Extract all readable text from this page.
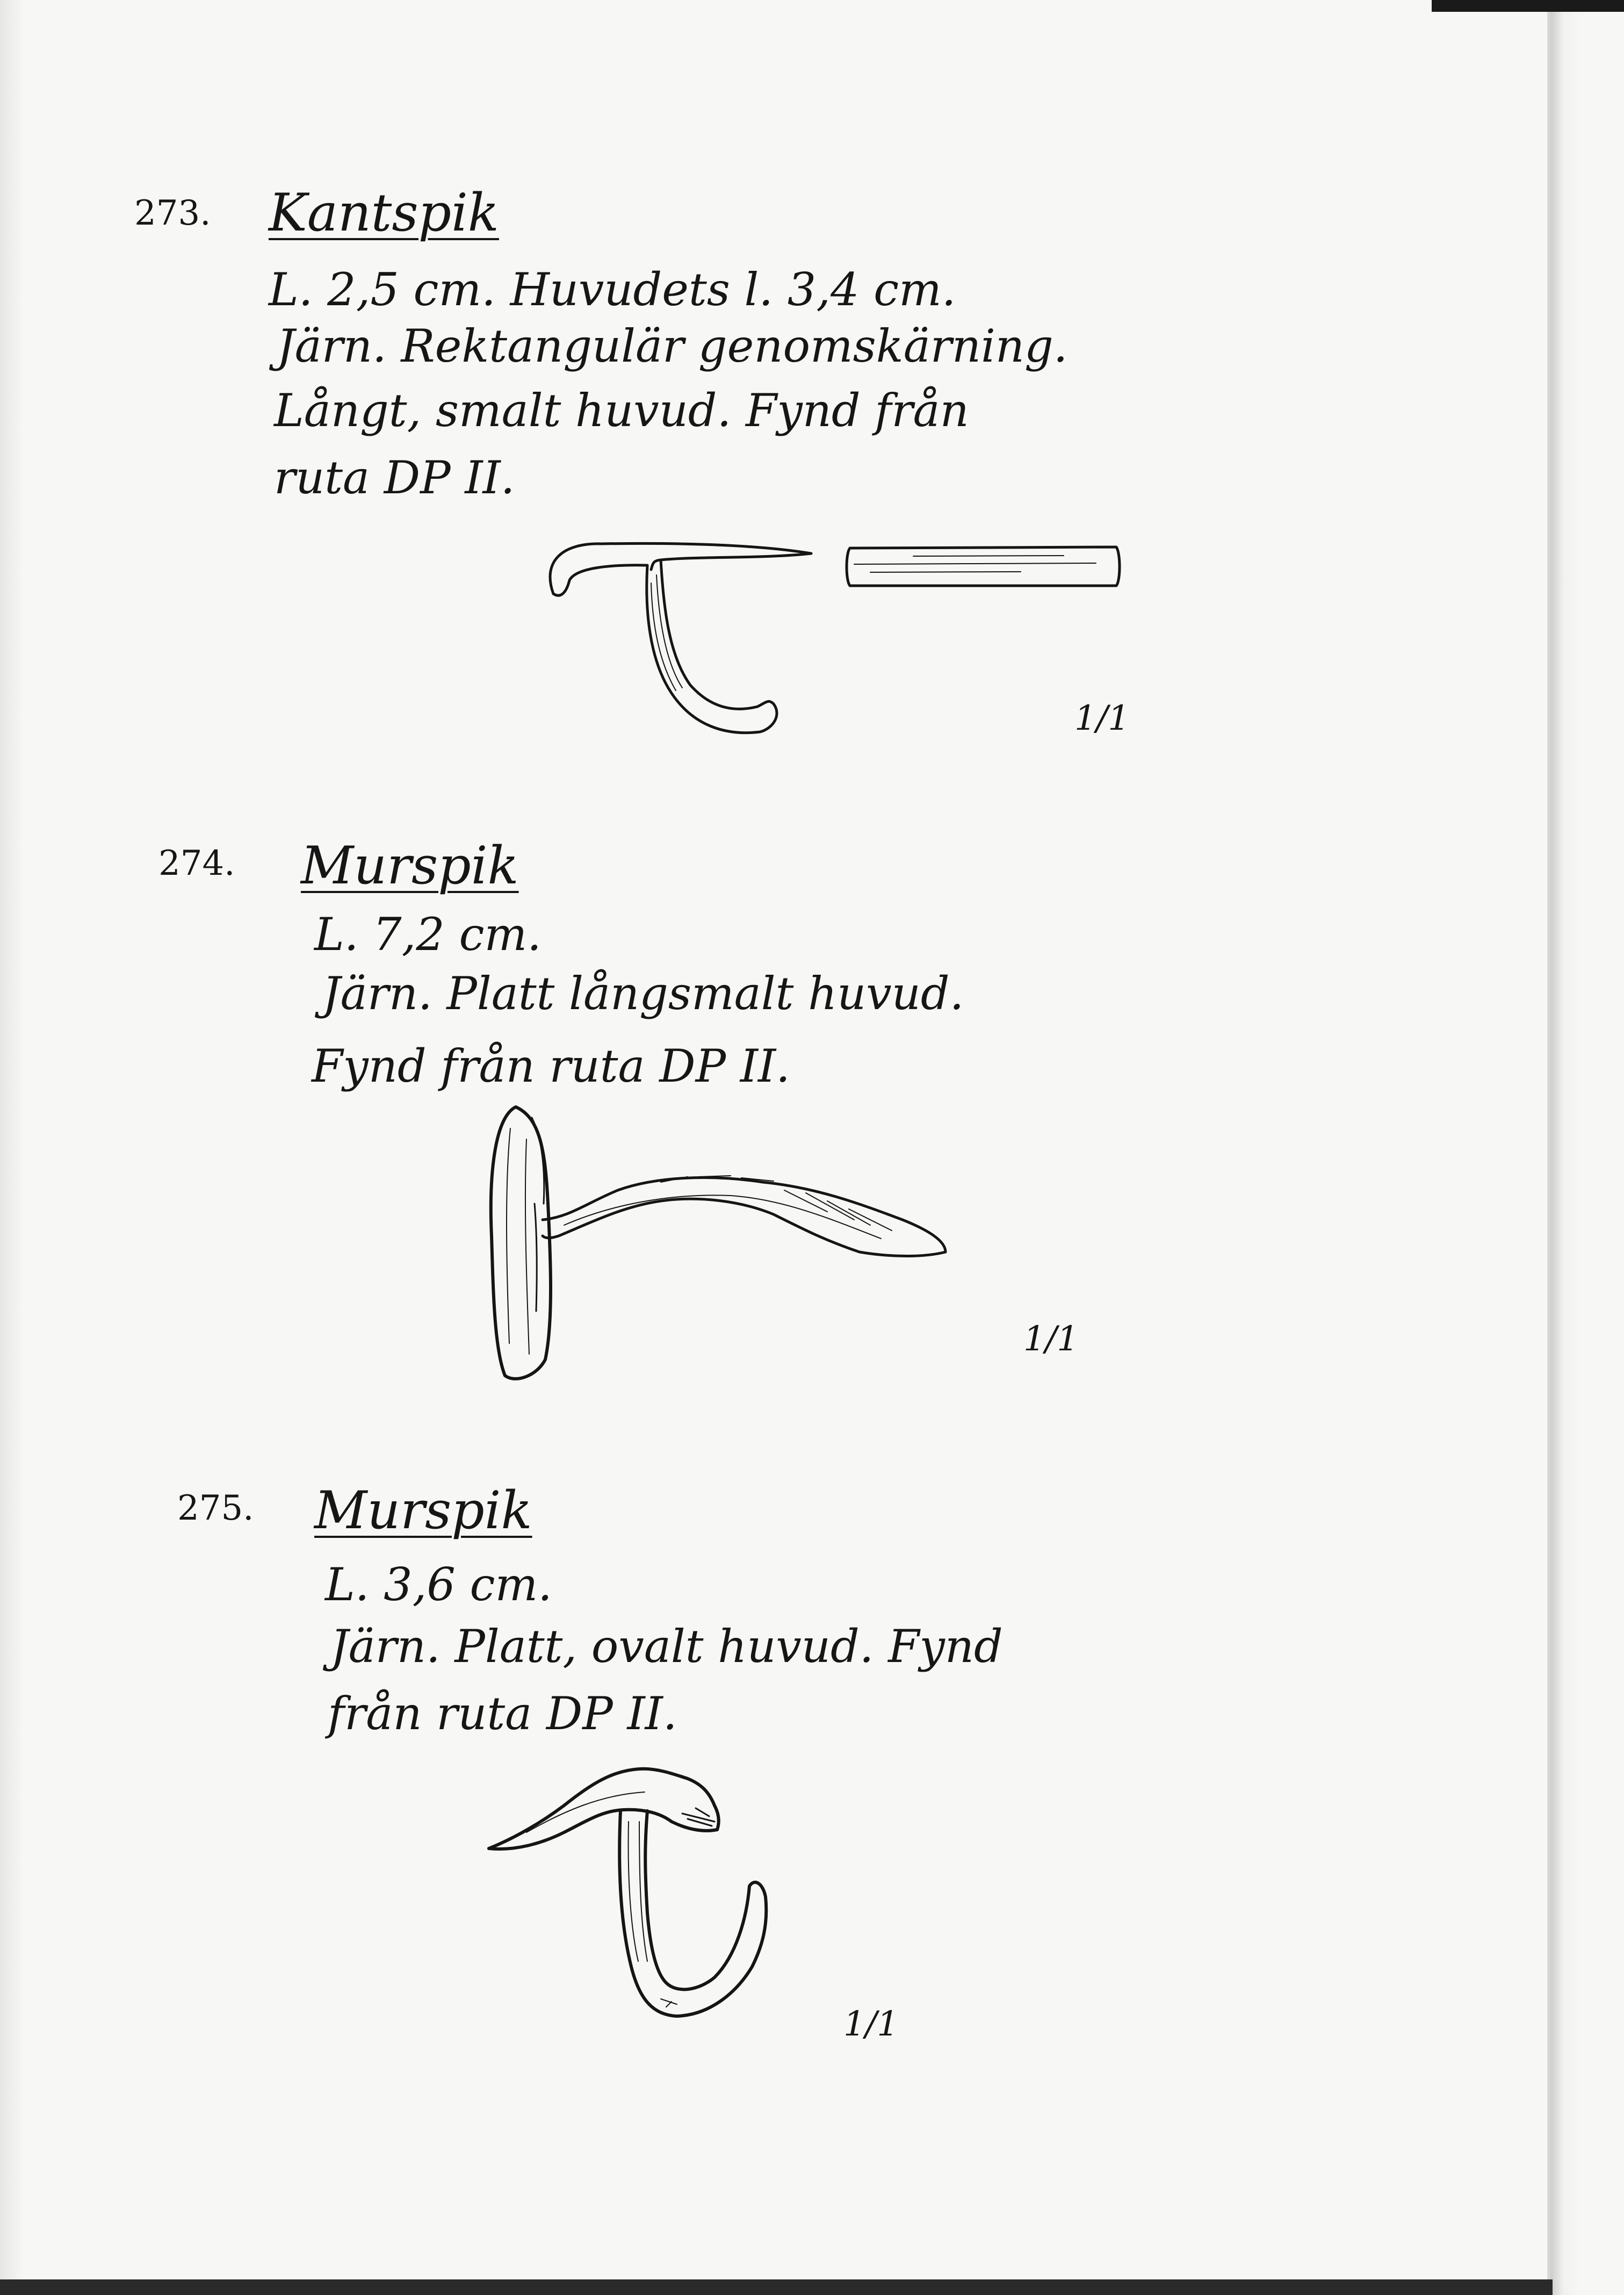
273. Kantspik
L. 2,5 cm. Huvudets l. 3,4 cm.
Järn. Rektangulär genomskärning.
Långt, smalt huvud. Fynd från
ruta DP II.
1/1
274. Murspik
L. 7,2 cm.
Järn. Platt långsmalt huvud.
Fynd från ruta DP II.
1/1
275. Murspik
L. 3,6 cm.
Järn. Platt, ovalt huvud. Fynd
från ruta DP II.
1/1
